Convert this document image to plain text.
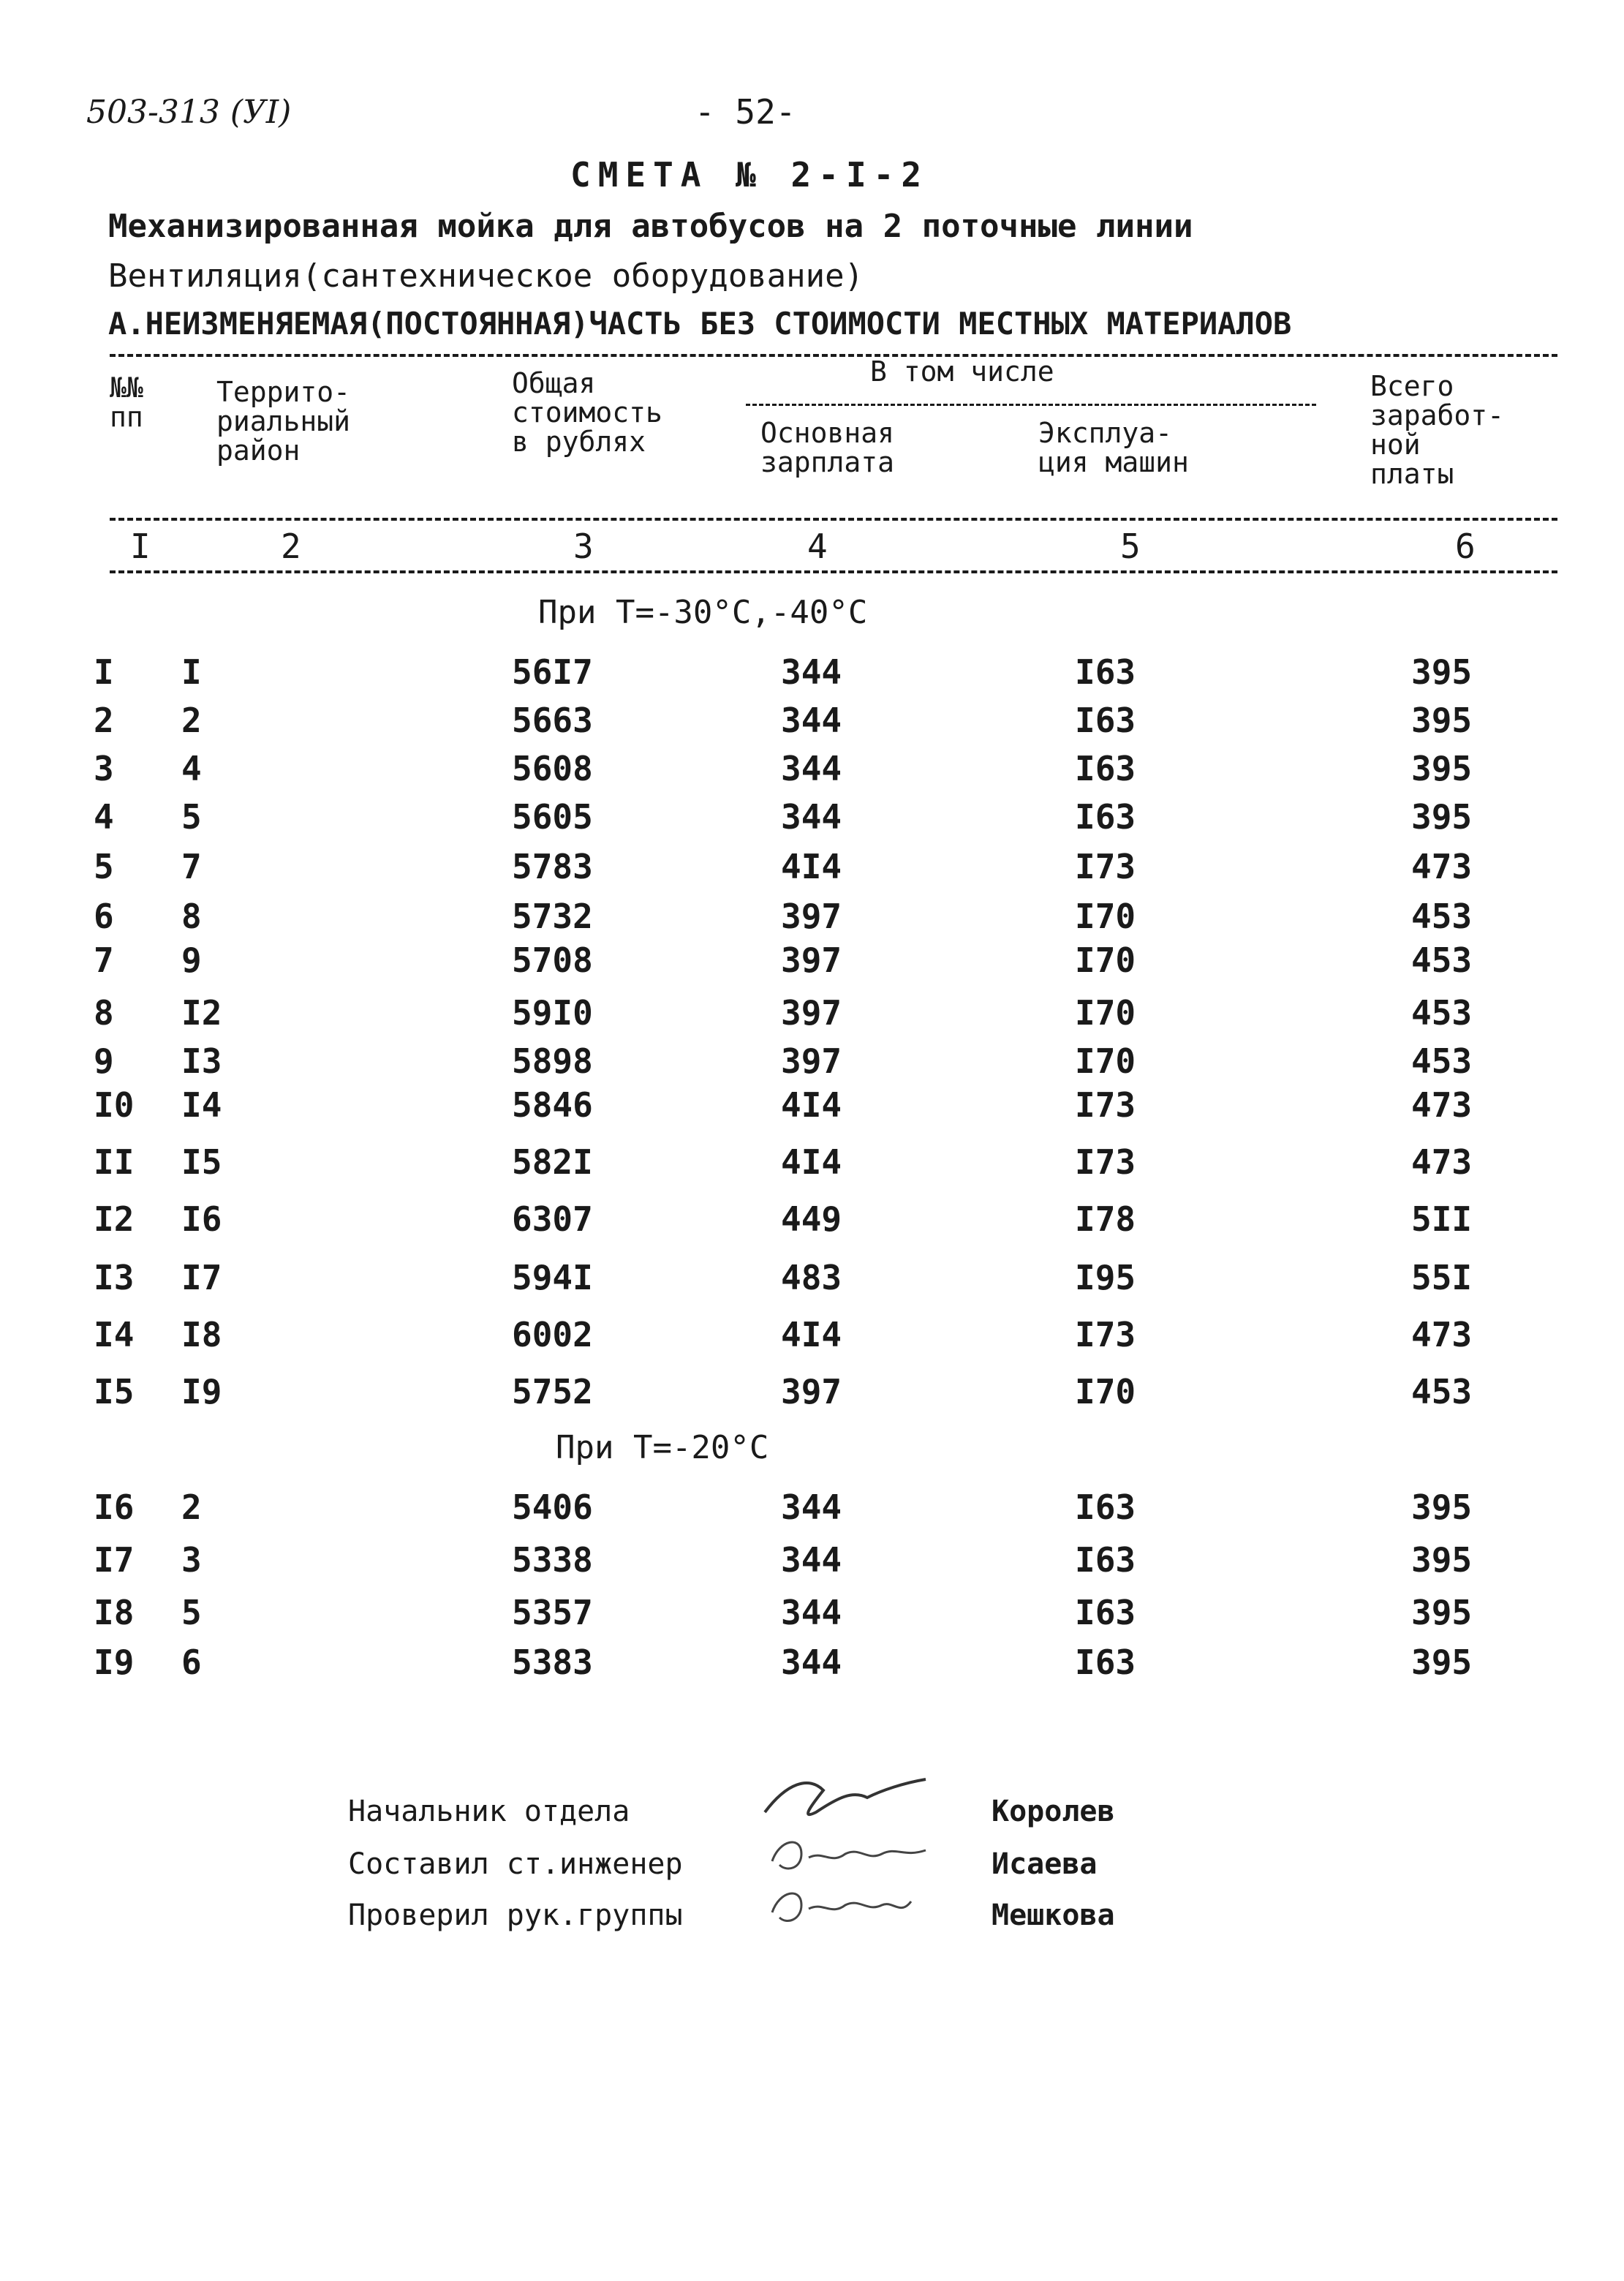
503-313 (УI)	- 52-
СМЕТА № 2-I-2
Механизированная мойка для автобусов на 2 поточные линии
Вентиляция(сантехническое оборудование)
А.НЕИЗМЕНЯЕМАЯ(ПОСТОЯННАЯ)ЧАСТЬ БЕЗ СТОИМОСТИ МЕСТНЫХ МАТЕРИАЛОВ
№№
пп
Террито-
риальный
район
Общая
стоимость
в рублях
В том числе
Основная
зарплата
Эксплуа-
ция машин
Всего
заработ-
ной
платы
I	2	3	4	5	6
При Т=-30°С,-40°С
I I	56I7	344	I63	395
2 2	5663	344	I63	395
3 4	5608	344	I63	395
4 5	5605	344	I63	395
5 7	5783	4I4	I73	473
6 8	5732	397	I70	453
7 9	5708	397	I70	453
8 I2	59I0	397	I70	453
9 I3	5898	397	I70	453
I0 I4	5846	4I4	I73	473
II I5	582I	4I4	I73	473
I2 I6	6307	449	I78	5II
I3 I7	594I	483	I95	55I
I4 I8	6002	4I4	I73	473
I5 I9	5752	397	I70	453
При Т=-20°С
I6 2	5406	344	I63	395
I7 3	5338	344	I63	395
I8 5	5357	344	I63	395
I9 6	5383	344	I63	395
Начальник отдела	Королев
Составил ст.инженер	Исаева
Проверил рук.группы	Мешкова
